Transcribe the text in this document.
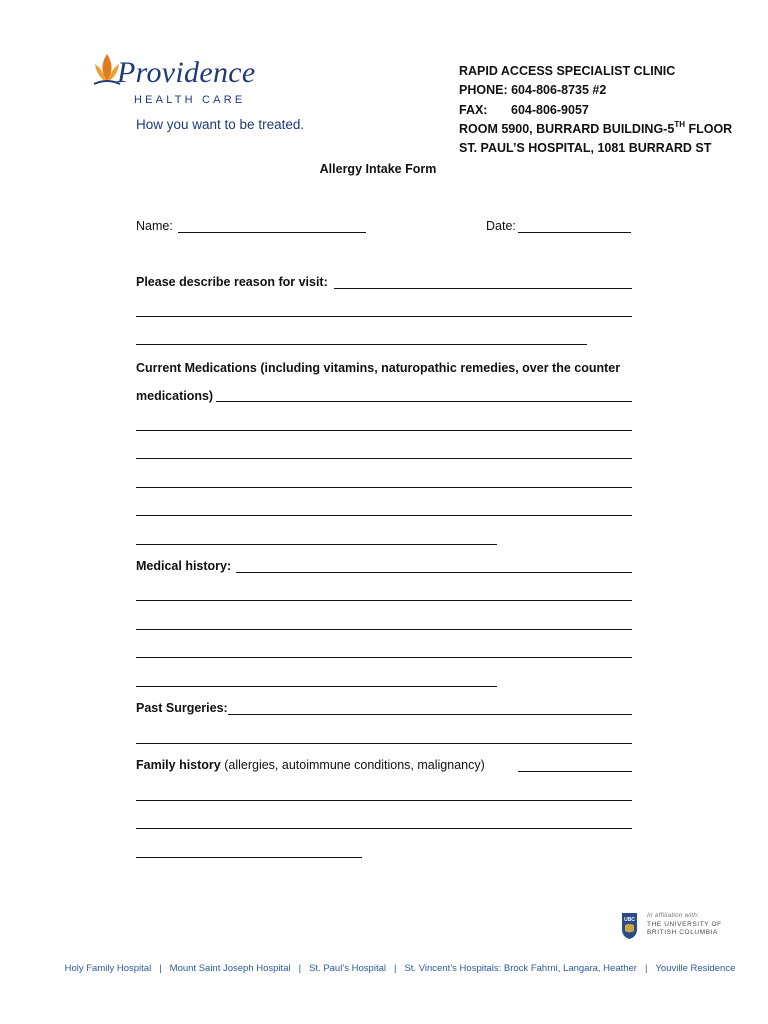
Providence
HEALTH CARE
How you want to be treated.
RAPID ACCESS SPECIALIST CLINIC
PHONE: 604-806-8735 #2
FAX: 604-806-9057
ROOM 5900, BURRARD BUILDING-5TH FLOOR
ST. PAUL’S HOSPITAL, 1081 BURRARD ST
Allergy Intake Form
Name:	Date:
Please describe reason for visit:
Current Medications (including vitamins, naturopathic remedies, over the counter
medications)
Medical history:
Past Surgeries:
Family history (allergies, autoimmune conditions, malignancy)
UBC
In affiliation with:
THE UNIVERSITY OF
BRITISH COLUMBIA
Holy Family Hospital | Mount Saint Joseph Hospital | St. Paul’s Hospital | St. Vincent’s Hospitals: Brock Fahrni, Langara, Heather | Youville Residence
